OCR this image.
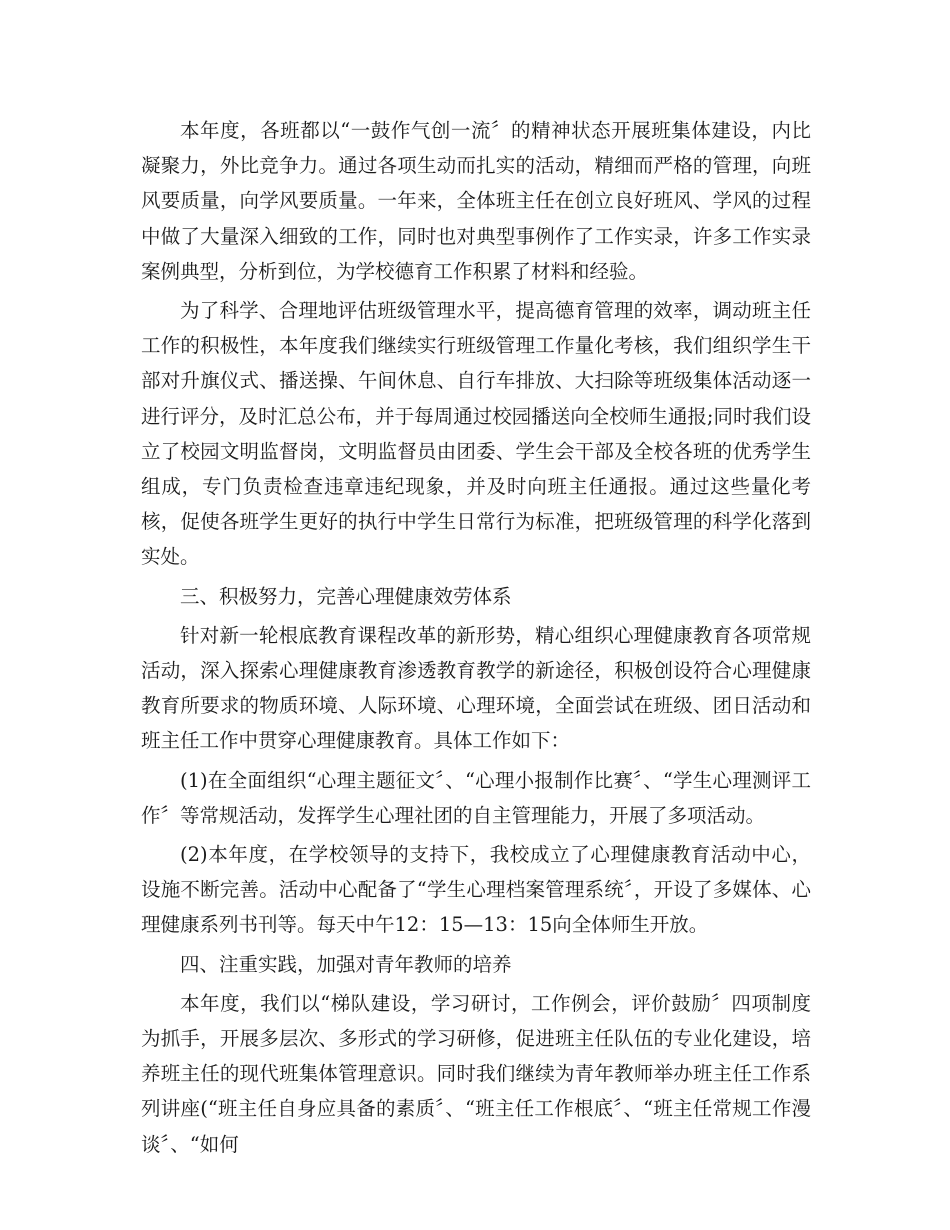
本年度，各班都以“一鼓作气创一流〞的精神状态开展班集体建设，内比凝聚力，外比竞争力。通过各项生动而扎实的活动，精细而严格的管理，向班风要质量，向学风要质量。一年来，全体班主任在创立良好班风、学风的过程中做了大量深入细致的工作，同时也对典型事例作了工作实录，许多工作实录案例典型，分析到位，为学校德育工作积累了材料和经验。

为了科学、合理地评估班级管理水平，提高德育管理的效率，调动班主任工作的积极性，本年度我们继续实行班级管理工作量化考核，我们组织学生干部对升旗仪式、播送操、午间休息、自行车排放、大扫除等班级集体活动逐一进行评分，及时汇总公布，并于每周通过校园播送向全校师生通报;同时我们设立了校园文明监督岗，文明监督员由团委、学生会干部及全校各班的优秀学生组成，专门负责检查违章违纪现象，并及时向班主任通报。通过这些量化考核，促使各班学生更好的执行中学生日常行为标准，把班级管理的科学化落到实处。

三、积极努力，完善心理健康效劳体系

针对新一轮根底教育课程改革的新形势，精心组织心理健康教育各项常规活动，深入探索心理健康教育渗透教育教学的新途径，积极创设符合心理健康教育所要求的物质环境、人际环境、心理环境，全面尝试在班级、团日活动和班主任工作中贯穿心理健康教育。具体工作如下：

(1)在全面组织“心理主题征文〞、“心理小报制作比赛〞、“学生心理测评工作〞等常规活动，发挥学生心理社团的自主管理能力，开展了多项活动。

(2)本年度，在学校领导的支持下，我校成立了心理健康教育活动中心，设施不断完善。活动中心配备了“学生心理档案管理系统〞，开设了多媒体、心理健康系列书刊等。每天中午12：15—13：15向全体师生开放。

四、注重实践，加强对青年教师的培养

本年度，我们以“梯队建设，学习研讨，工作例会，评价鼓励〞四项制度为抓手，开展多层次、多形式的学习研修，促进班主任队伍的专业化建设，培养班主任的现代班集体管理意识。同时我们继续为青年教师举办班主任工作系列讲座(“班主任自身应具备的素质〞、“班主任工作根底〞、“班主任常规工作漫谈〞、“如何
